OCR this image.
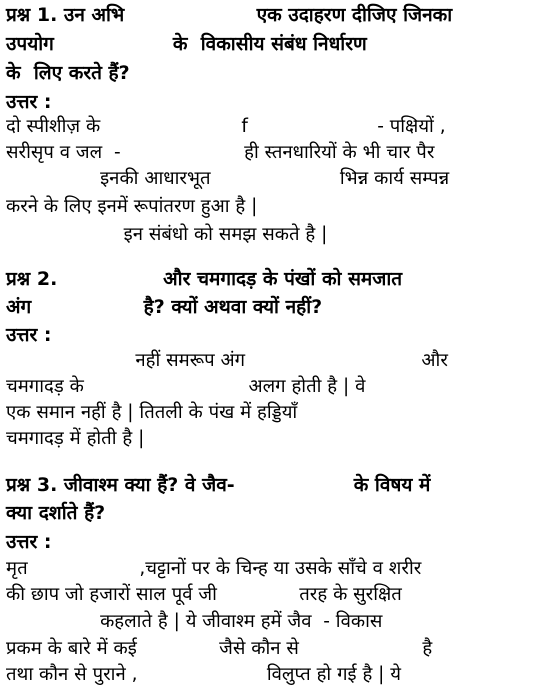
प्रश्न 1. उन अभि                    एक उदाहरण दीजिए जिनका
उपयोग                  के  विकासीय संबंध निर्धारण
के  लिए करते हैं?
उत्तर :
दो स्पीशीज़ के                        f                      - पक्षियों ,
सरीसृप व जल  -                     ही स्तनधारियों के भी चार पैर
इनकी आधारभूत                      भिन्न कार्य सम्पन्न
करने के लिए इनमें रूपांतरण हुआ है |
इन संबंधो को समझ सकते है |
प्रश्न 2.                और चमगादड़ के पंखों को समजात
अंग                 है? क्यों अथवा क्यों नहीं?
उत्तर :
नहीं समरूप अंग                              और
चमगादड़ के                            अलग होती है | वे
एक समान नहीं है | तितली के पंख में हड्डियाँ
चमगादड़ में होती है |
प्रश्न 3. जीवाश्म क्या हैं? वे जैव-                  के विषय में
क्या दर्शाते हैं?
उत्तर :
मृत                   ,चट्टानों पर के चिन्ह या उसके साँचे व शरीर
की छाप जो हजारों साल पूर्व जी              तरह के सुरक्षित
कहलाते है | ये जीवाश्म हमें जैव  - विकास
प्रकम के बारे में कई              जैसे कौन से                     है
तथा कौन से पुराने ,                      विलुप्त हो गई है | ये
